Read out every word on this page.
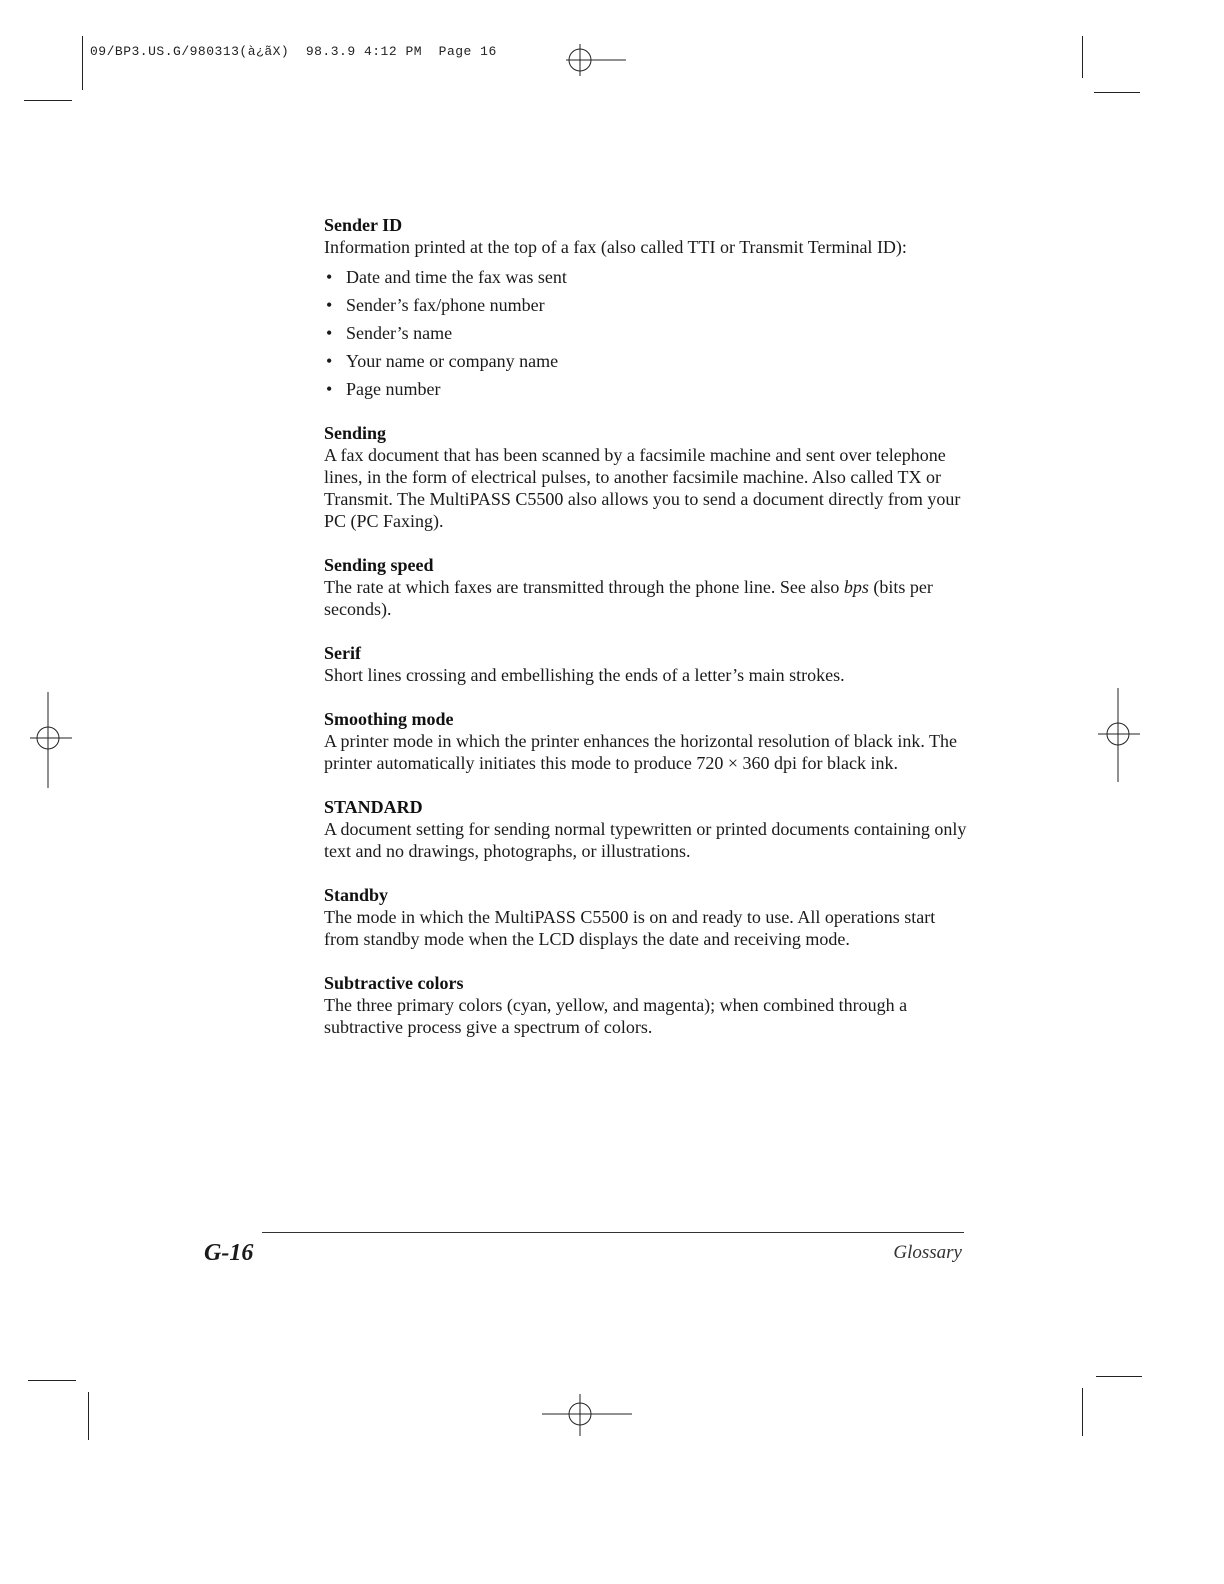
09/BP3.US.G/980313(à¿ãX)  98.3.9 4:12 PM  Page 16

Sender ID

Information printed at the top of a fax (also called TTI or Transmit Terminal ID):

• Date and time the fax was sent
• Sender’s fax/phone number
• Sender’s name
• Your name or company name
• Page number

Sending

A fax document that has been scanned by a facsimile machine and sent over telephone lines, in the form of electrical pulses, to another facsimile machine. Also called TX or Transmit. The MultiPASS C5500 also allows you to send a document directly from your PC (PC Faxing).

Sending speed

The rate at which faxes are transmitted through the phone line. See also bps (bits per seconds).

Serif

Short lines crossing and embellishing the ends of a letter’s main strokes.

Smoothing mode

A printer mode in which the printer enhances the horizontal resolution of black ink. The printer automatically initiates this mode to produce 720 × 360 dpi for black ink.

STANDARD

A document setting for sending normal typewritten or printed documents containing only text and no drawings, photographs, or illustrations.

Standby

The mode in which the MultiPASS C5500 is on and ready to use. All operations start from standby mode when the LCD displays the date and receiving mode.

Subtractive colors

The three primary colors (cyan, yellow, and magenta); when combined through a subtractive process give a spectrum of colors.

G-16	Glossary
